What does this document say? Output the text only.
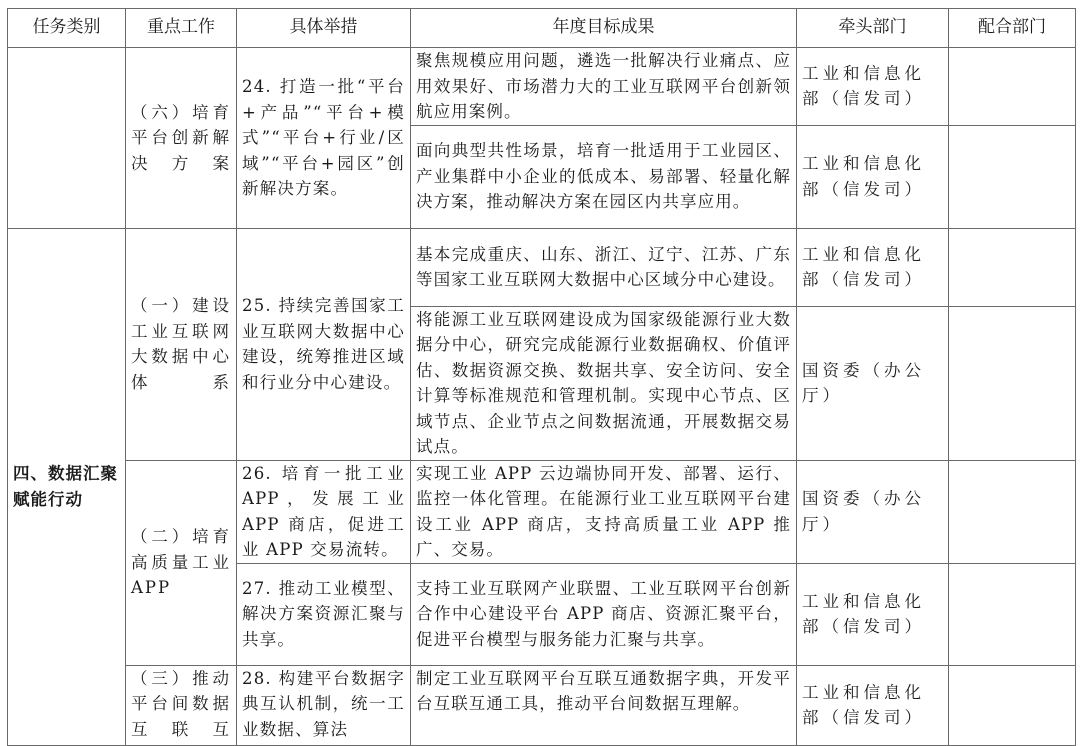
任务类别	重点工作	具体举措	年度目标成果	牵头部门	配合部门
	（六）培育平台创新解决方案	24. 打造一批“平台+产品”“平台+模式”“平台+行业/区域”“平台+园区”创新解决方案。	聚焦规模应用问题，遴选一批解决行业痛点、应用效果好、市场潜力大的工业互联网平台创新领航应用案例。	工业和信息化部（信发司）	
			面向典型共性场景，培育一批适用于工业园区、产业集群中小企业的低成本、易部署、轻量化解决方案，推动解决方案在园区内共享应用。	工业和信息化部（信发司）	
四、数据汇聚赋能行动	（一）建设工业互联网大数据中心体系	25. 持续完善国家工业互联网大数据中心建设，统筹推进区域和行业分中心建设。	基本完成重庆、山东、浙江、辽宁、江苏、广东等国家工业互联网大数据中心区域分中心建设。	工业和信息化部（信发司）	
			将能源工业互联网建设成为国家级能源行业大数据分中心，研究完成能源行业数据确权、价值评估、数据资源交换、数据共享、安全访问、安全计算等标准规范和管理机制。实现中心节点、区域节点、企业节点之间数据流通，开展数据交易试点。	国资委（办公厅）	
	（二）培育高质量工业 APP	26. 培育一批工业 APP，发展工业 APP 商店，促进工业 APP 交易流转。	实现工业 APP 云边端协同开发、部署、运行、监控一体化管理。在能源行业工业互联网平台建设工业 APP 商店，支持高质量工业 APP 推广、交易。	国资委（办公厅）	
		27. 推动工业模型、解决方案资源汇聚与共享。	支持工业互联网产业联盟、工业互联网平台创新合作中心建设平台 APP 商店、资源汇聚平台，促进平台模型与服务能力汇聚与共享。	工业和信息化部（信发司）	
	（三）推动平台间数据互联互	28. 构建平台数据字典互认机制，统一工业数据、算法	制定工业互联网平台互联互通数据字典，开发平台互联互通工具，推动平台间数据互理解。	工业和信息化部（信发司）	
